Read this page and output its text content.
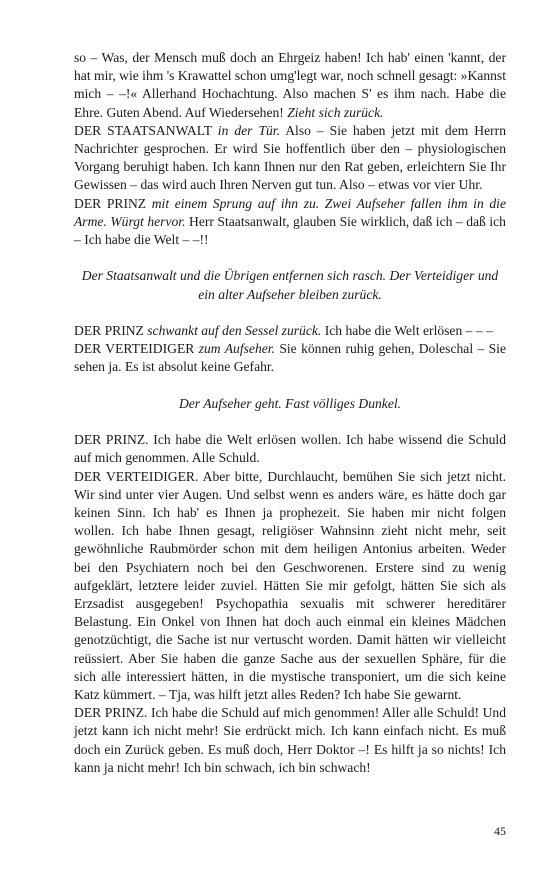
so – Was, der Mensch muß doch an Ehrgeiz haben! Ich hab' einen 'kannt, der hat mir, wie ihm 's Krawattel schon umg'legt war, noch schnell gesagt: »Kannst mich – –!« Allerhand Hochachtung. Also machen S' es ihm nach. Habe die Ehre. Guten Abend. Auf Wiedersehen! Zieht sich zurück.

DER STAATSANWALT in der Tür. Also – Sie haben jetzt mit dem Herrn Nachrichter gesprochen. Er wird Sie hoffentlich über den – physiologischen Vorgang beruhigt haben. Ich kann Ihnen nur den Rat geben, erleichtern Sie Ihr Gewissen – das wird auch Ihren Nerven gut tun. Also – etwas vor vier Uhr.

DER PRINZ mit einem Sprung auf ihn zu. Zwei Aufseher fallen ihm in die Arme. Würgt hervor. Herr Staatsanwalt, glauben Sie wirklich, daß ich – daß ich – Ich habe die Welt – –!!

Der Staatsanwalt und die Übrigen entfernen sich rasch. Der Verteidiger und ein alter Aufseher bleiben zurück.

DER PRINZ schwankt auf den Sessel zurück. Ich habe die Welt erlösen – – –

DER VERTEIDIGER zum Aufseher. Sie können ruhig gehen, Doleschal – Sie sehen ja. Es ist absolut keine Gefahr.

Der Aufseher geht. Fast völliges Dunkel.

DER PRINZ. Ich habe die Welt erlösen wollen. Ich habe wissend die Schuld auf mich genommen. Alle Schuld.

DER VERTEIDIGER. Aber bitte, Durchlaucht, bemühen Sie sich jetzt nicht. Wir sind unter vier Augen. Und selbst wenn es anders wäre, es hätte doch gar keinen Sinn. Ich hab' es Ihnen ja prophezeit. Sie haben mir nicht folgen wollen. Ich habe Ihnen gesagt, religiöser Wahnsinn zieht nicht mehr, seit gewöhnliche Raubmörder schon mit dem heiligen Antonius arbeiten. Weder bei den Psychiatern noch bei den Geschworenen. Erstere sind zu wenig aufgeklärt, letztere leider zuviel. Hätten Sie mir gefolgt, hätten Sie sich als Erzsadist ausgegeben! Psychopathia sexualis mit schwerer hereditärer Belastung. Ein Onkel von Ihnen hat doch auch einmal ein kleines Mädchen genotzüchtigt, die Sache ist nur vertuscht worden. Damit hätten wir vielleicht reüssiert. Aber Sie haben die ganze Sache aus der sexuellen Sphäre, für die sich alle interessiert hätten, in die mystische transponiert, um die sich keine Katz kümmert. – Tja, was hilft jetzt alles Reden? Ich habe Sie gewarnt.

DER PRINZ. Ich habe die Schuld auf mich genommen! Aller alle Schuld! Und jetzt kann ich nicht mehr! Sie erdrückt mich. Ich kann einfach nicht. Es muß doch ein Zurück geben. Es muß doch, Herr Doktor –! Es hilft ja so nichts! Ich kann ja nicht mehr! Ich bin schwach, ich bin schwach!

45
